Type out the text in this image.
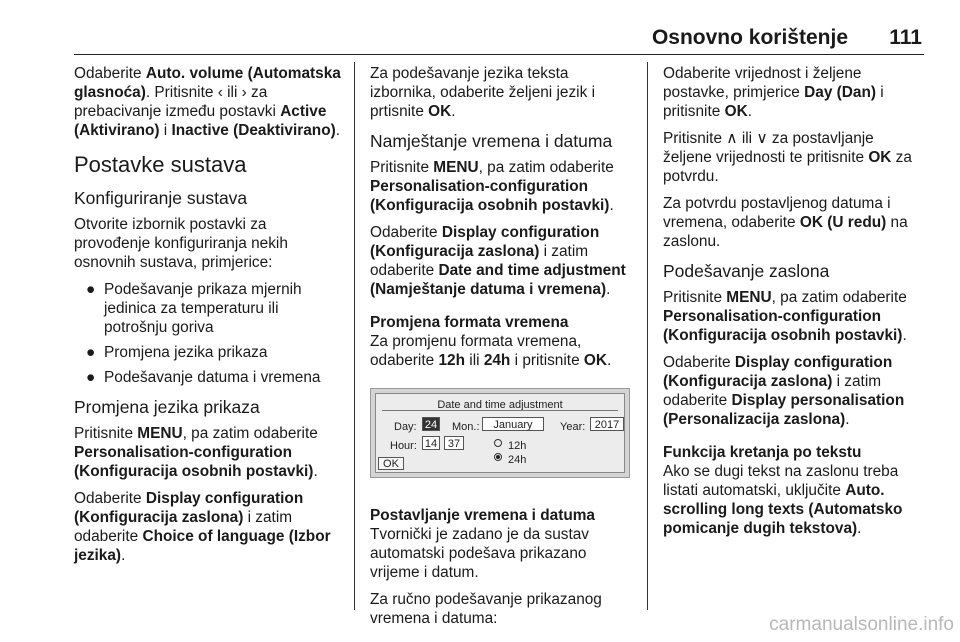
Osnovno korištenje 111

Odaberite Auto. volume (Automatska glasnoća). Pritisnite ‹ ili › za prebacivanje između postavki Active (Aktivirano) i Inactive (Deaktivirano).

Postavke sustava
Konfiguriranje sustava

Otvorite izbornik postavki za provođenje konfiguriranja nekih osnovnih sustava, primjerice:

● Podešavanje prikaza mjernih jedinica za temperaturu ili potrošnju goriva
● Promjena jezika prikaza
● Podešavanje datuma i vremena
Promjena jezika prikaza

Pritisnite MENU, pa zatim odaberite Personalisation-configuration (Konfiguracija osobnih postavki).

Odaberite Display configuration (Konfiguracija zaslona) i zatim odaberite Choice of language (Izbor jezika).

Za podešavanje jezika teksta izbornika, odaberite željeni jezik i prtisnite OK.

Namještanje vremena i datuma

Pritisnite MENU, pa zatim odaberite Personalisation-configuration (Konfiguracija osobnih postavki).

Odaberite Display configuration (Konfiguracija zaslona) i zatim odaberite Date and time adjustment (Namještanje datuma i vremena).

Promjena formata vremena

Za promjenu formata vremena, odaberite 12h ili 24h i pritisnite OK.

Date and time adjustment
Day: 24 Mon.:	January	Year: 2017
Hour: 14 37	12h
24h
OK
Postavljanje vremena i datuma

Tvornički je zadano je da sustav automatski podešava prikazano vrijeme i datum.

Za ručno podešavanje prikazanog vremena i datuma:

Odaberite vrijednost i željene postavke, primjerice Day (Dan) i pritisnite OK.

Pritisnite ∧ ili ∨ za postavljanje željene vrijednosti te pritisnite OK za potvrdu.

Za potvrdu postavljenog datuma i vremena, odaberite OK (U redu) na zaslonu.

Podešavanje zaslona

Pritisnite MENU, pa zatim odaberite Personalisation-configuration (Konfiguracija osobnih postavki).

Odaberite Display configuration (Konfiguracija zaslona) i zatim odaberite Display personalisation (Personalizacija zaslona).

Funkcija kretanja po tekstu

Ako se dugi tekst na zaslonu treba listati automatski, uključite Auto. scrolling long texts (Automatsko pomicanje dugih tekstova).

carmanualsonline.info
